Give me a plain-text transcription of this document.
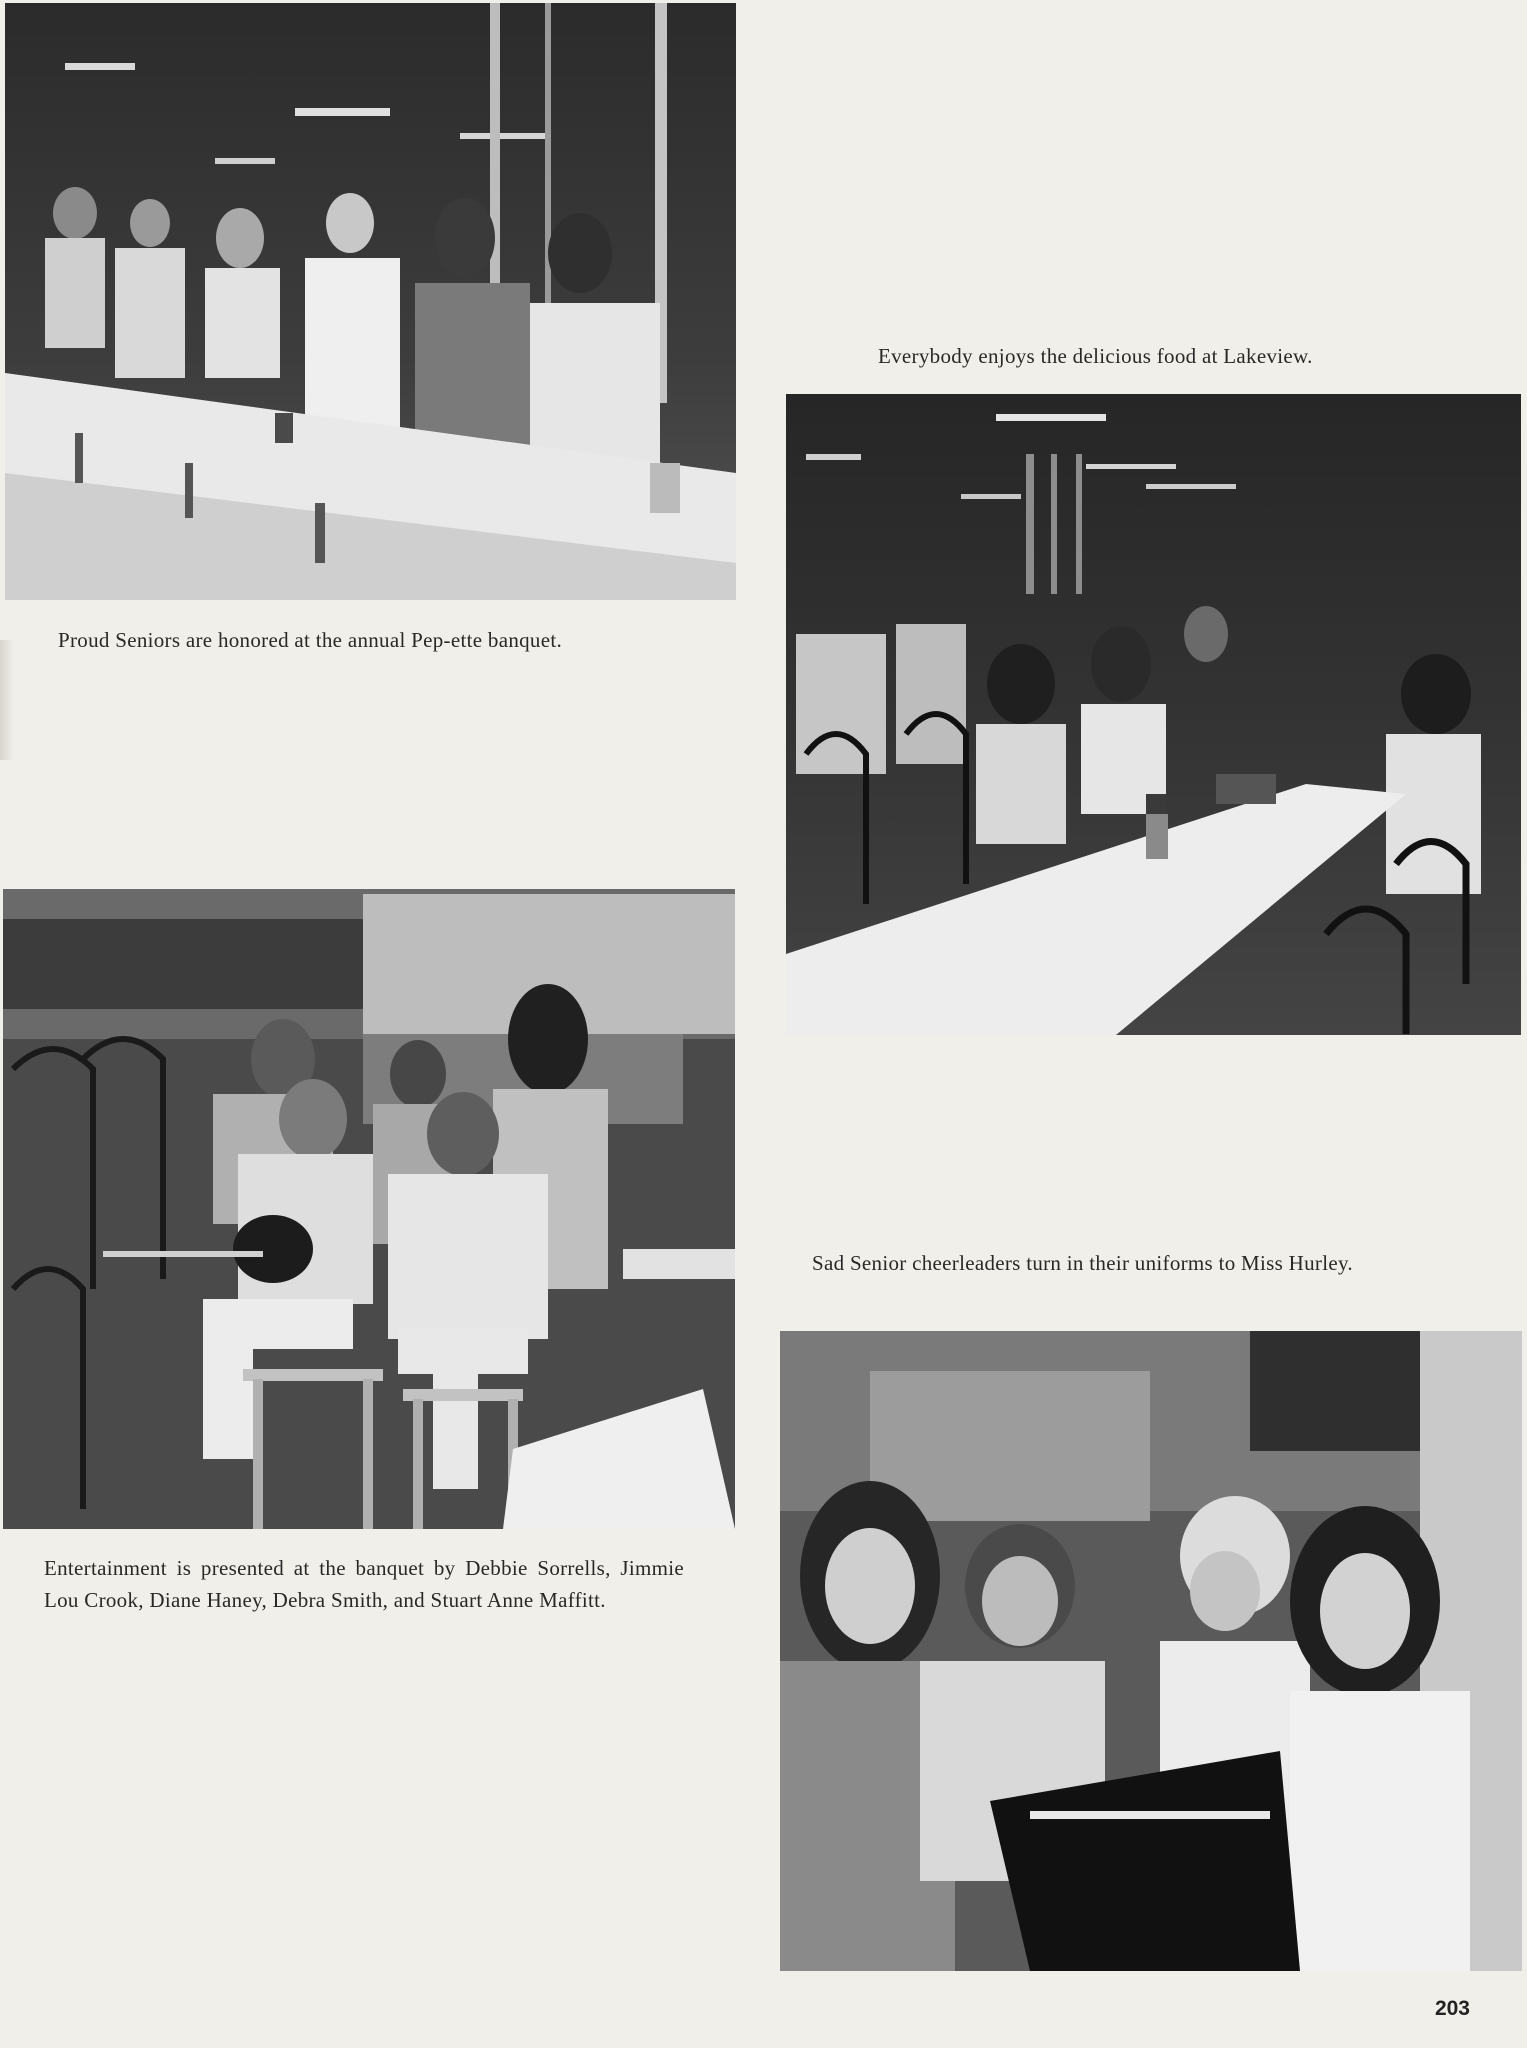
Proud Seniors are honored at the annual Pep-ette banquet.

Everybody enjoys the delicious food at Lakeview.

Sad Senior cheerleaders turn in their uniforms to Miss Hurley.

Entertainment is presented at the banquet by Debbie Sorrells, Jimmie Lou Crook, Diane Haney, Debra Smith, and Stuart Anne Maffitt.

203
